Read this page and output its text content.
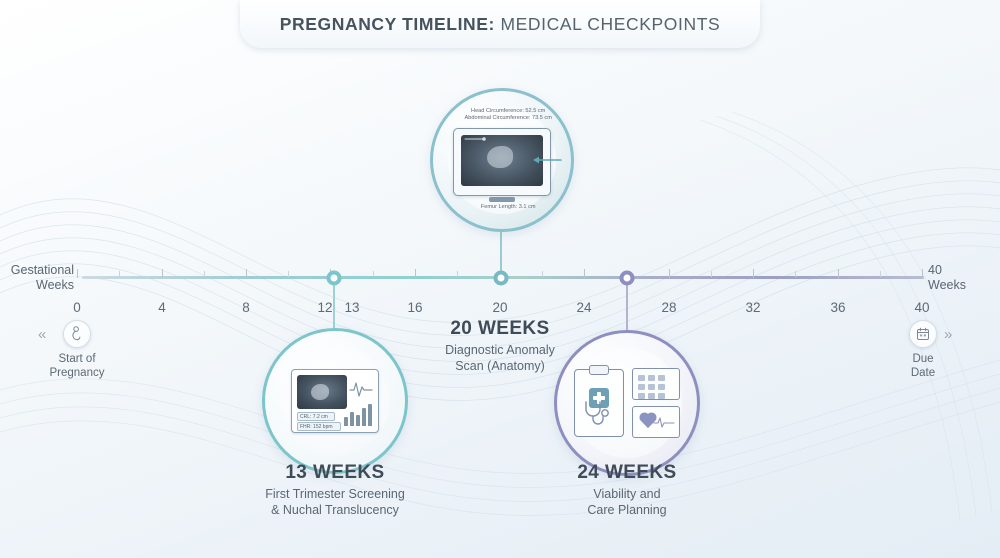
PREGNANCY TIMELINE: MEDICAL CHECKPOINTS
Gestational
Weeks
40
Weeks
0	4	8	12 13	16	20	24	28	32	36	40
«
Start of
Pregnancy
»
Due
Date
CRL: 7.2 cm
FHR: 152 bpm
13 WEEKS
First Trimester Screening
& Nuchal Translucency
Head Circumference: 52.5 cm
Abdominal Circumference: 73.5 cm
Femur Length: 3.1 cm
20 WEEKS
Diagnostic Anomaly
Scan (Anatomy)
24 WEEKS
Viability and
Care Planning
